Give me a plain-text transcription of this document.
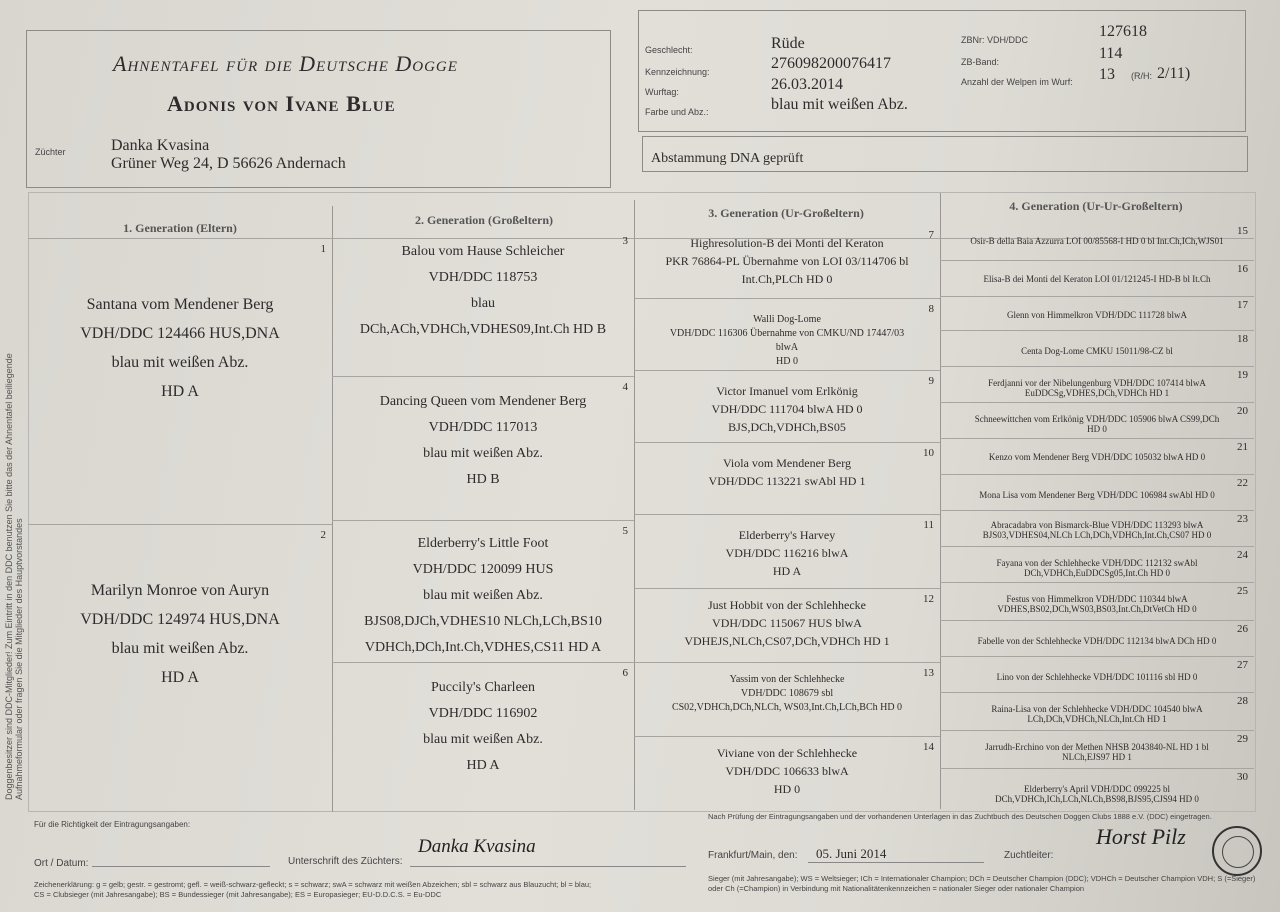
Doggenbesitzer sind DDC-Mitglieder! Zum Eintritt in den DDC benutzen Sie bitte das der Ahnentafel beiliegende Aufnahmeformular oder fragen Sie die Mitglieder des Hauptvorstandes
Ahnentafel für die Deutsche Dogge
Adonis von Ivane Blue
Züchter	Danka Kvasina
Grüner Weg 24, D 56626 Andernach
Geschlecht:	Rüde
Kennzeichnung:	276098200076417
Wurftag:	26.03.2014
Farbe und Abz.:	blau mit weißen Abz.
ZBNr: VDH/DDC	127618
ZB-Band:	114
Anzahl der Welpen im Wurf: 13 (R/H: 2/11)
Abstammung DNA geprüft
1. Generation (Eltern)
2. Generation (Großeltern)	3. Generation (Ur-Großeltern)	4. Generation (Ur-Ur-Großeltern)
1
Santana vom Mendener Berg
VDH/DDC 124466 HUS,DNA
blau mit weißen Abz.
HD A
2
Marilyn Monroe von Auryn
VDH/DDC 124974 HUS,DNA
blau mit weißen Abz.
HD A
3
Balou vom Hause Schleicher
VDH/DDC 118753
blau
DCh,ACh,VDHCh,VDHES09,Int.Ch HD B
4
Dancing Queen vom Mendener Berg
VDH/DDC 117013
blau mit weißen Abz.
HD B
5
Elderberry's Little Foot
VDH/DDC 120099 HUS
blau mit weißen Abz.
BJS08,DJCh,VDHES10 NLCh,LCh,BS10
VDHCh,DCh,Int.Ch,VDHES,CS11 HD A
6
Puccily's Charleen
VDH/DDC 116902
blau mit weißen Abz.
HD A
7
Highresolution-B dei Monti del Keraton
PKR 76864-PL Übernahme von LOI 03/114706 bl
Int.Ch,PLCh HD 0
8
Walli Dog-Lome
VDH/DDC 116306 Übernahme von CMKU/ND 17447/03
blwA
HD 0
9
Victor Imanuel vom Erlkönig
VDH/DDC 111704 blwA HD 0
BJS,DCh,VDHCh,BS05
10
Viola vom Mendener Berg
VDH/DDC 113221 swAbl HD 1
11
Elderberry's Harvey
VDH/DDC 116216 blwA
HD A
12
Just Hobbit von der Schlehhecke
VDH/DDC 115067 HUS blwA
VDHEJS,NLCh,CS07,DCh,VDHCh HD 1
13
Yassim von der Schlehhecke
VDH/DDC 108679 sbl
CS02,VDHCh,DCh,NLCh, WS03,Int.Ch,LCh,BCh HD 0
14
Viviane von der Schlehhecke
VDH/DDC 106633 blwA
HD 0
15
Osir-B della Baia Azzurra LOI 00/85568-I HD 0 bl Int.Ch,ICh,WJS01
16
Elisa-B dei Monti del Keraton LOI 01/121245-I HD-B bl It.Ch
17
Glenn von Himmelkron VDH/DDC 111728 blwA
18
Centa Dog-Lome CMKU 15011/98-CZ bl
19
Ferdjanni vor der Nibelungenburg VDH/DDC 107414 blwA
EuDDCSg,VDHES,DCh,VDHCh HD 1
20
Schneewittchen vom Erlkönig VDH/DDC 105906 blwA CS99,DCh
HD 0
21
Kenzo vom Mendener Berg VDH/DDC 105032 blwA HD 0
22
Mona Lisa vom Mendener Berg VDH/DDC 106984 swAbl HD 0
23
Abracadabra von Bismarck-Blue VDH/DDC 113293 blwA
BJS03,VDHES04,NLCh LCh,DCh,VDHCh,Int.Ch,CS07 HD 0
24
Fayana von der Schlehhecke VDH/DDC 112132 swAbl
DCh,VDHCh,EuDDCSg05,Int.Ch HD 0
25
Festus von Himmelkron VDH/DDC 110344 blwA
VDHES,BS02,DCh,WS03,BS03,Int.Ch,DtVetCh HD 0
26
Fabelle von der Schlehhecke VDH/DDC 112134 blwA DCh HD 0
27
Lino von der Schlehhecke VDH/DDC 101116 sbl HD 0
28
Raina-Lisa von der Schlehhecke VDH/DDC 104540 blwA
LCh,DCh,VDHCh,NLCh,Int.Ch HD 1
29
Jarrudh-Erchino von der Methen NHSB 2043840-NL HD 1 bl
NLCh,EJS97 HD 1
30
Elderberry's April VDH/DDC 099225 bl
DCh,VDHCh,ICh,LCh,NLCh,BS98,BJS95,CJS94 HD 0
Für die Richtigkeit der Eintragungsangaben:
Ort / Datum:	Unterschrift des Züchters:
Danka Kvasina
Zeichenerklärung: g = gelb; gestr. = gestromt; gefl. = weiß-schwarz-gefleckt; s = schwarz; swA = schwarz mit weißen Abzeichen; sbl = schwarz aus Blauzucht; bl = blau; CS = Clubsieger (mit Jahresangabe); BS = Bundessieger (mit Jahresangabe); ES = Europasieger; EU-D.D.C.S. = Eu-DDC
Nach Prüfung der Eintragungsangaben und der vorhandenen Unterlagen in das Zuchtbuch des Deutschen Doggen Clubs 1888 e.V. (DDC) eingetragen.
Frankfurt/Main, den: 05. Juni 2014	Zuchtleiter:
Horst Pilz
Sieger (mit Jahresangabe); WS = Weltsieger; ICh = Internationaler Champion; DCh = Deutscher Champion (DDC); VDHCh = Deutscher Champion VDH; S (=Sieger) oder Ch (=Champion) in Verbindung mit Nationalitätenkennzeichen = nationaler Sieger oder nationaler Champion
